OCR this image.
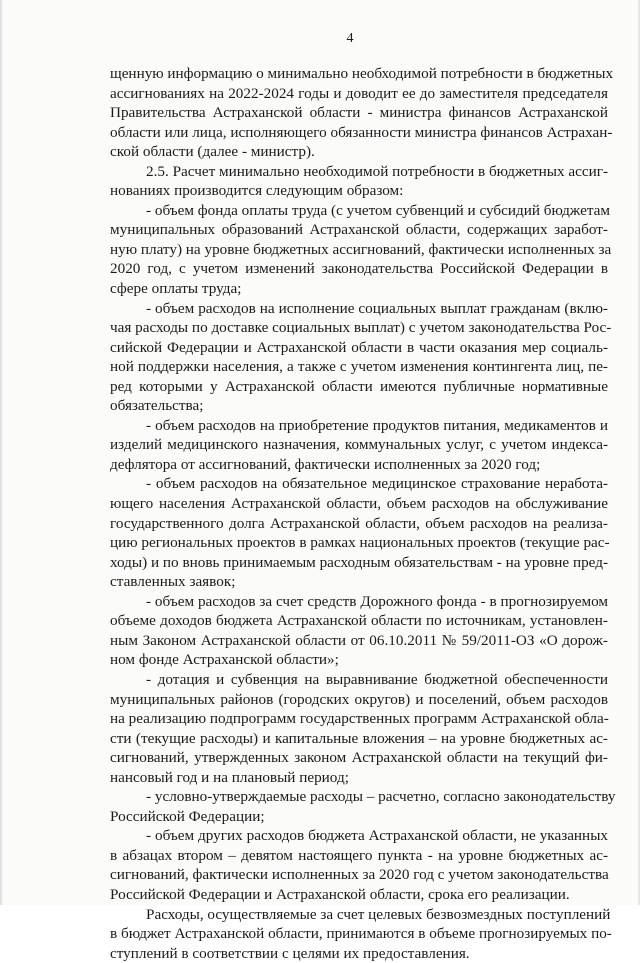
4
щенную информацию о минимально необходимой потребности в бюджетных
ассигнованиях на 2022-2024 годы и доводит ее до заместителя председателя
Правительства Астраханской области - министра финансов Астраханской
области или лица, исполняющего обязанности министра финансов Астрахан-
ской области (далее - министр).
2.5. Расчет минимально необходимой потребности в бюджетных ассиг-
нованиях производится следующим образом:
- объем фонда оплаты труда (с учетом субвенций и субсидий бюджетам
муниципальных образований Астраханской области, содержащих заработ-
ную плату) на уровне бюджетных ассигнований, фактически исполненных за
2020 год, с учетом изменений законодательства Российской Федерации в
сфере оплаты труда;
- объем расходов на исполнение социальных выплат гражданам (вклю-
чая расходы по доставке социальных выплат) с учетом законодательства Рос-
сийской Федерации и Астраханской области в части оказания мер социаль-
ной поддержки населения, а также с учетом изменения контингента лиц, пе-
ред которыми у Астраханской области имеются публичные нормативные
обязательства;
- объем расходов на приобретение продуктов питания, медикаментов и
изделий медицинского назначения, коммунальных услуг, с учетом индекса-
дефлятора от ассигнований, фактически исполненных за 2020 год;
- объем расходов на обязательное медицинское страхование неработа-
ющего населения Астраханской области, объем расходов на обслуживание
государственного долга Астраханской области, объем расходов на реализа-
цию региональных проектов в рамках национальных проектов (текущие рас-
ходы) и по вновь принимаемым расходным обязательствам - на уровне пред-
ставленных заявок;
- объем расходов за счет средств Дорожного фонда - в прогнозируемом
объеме доходов бюджета Астраханской области по источникам, установлен-
ным Законом Астраханской области от 06.10.2011 № 59/2011-ОЗ «О дорож-
ном фонде Астраханской области»;
- дотация и субвенция на выравнивание бюджетной обеспеченности
муниципальных районов (городских округов) и поселений, объем расходов
на реализацию подпрограмм государственных программ Астраханской обла-
сти (текущие расходы) и капитальные вложения – на уровне бюджетных ас-
сигнований, утвержденных законом Астраханской области на текущий фи-
нансовый год и на плановый период;
- условно-утверждаемые расходы – расчетно, согласно законодательству
Российской Федерации;
- объем других расходов бюджета Астраханской области, не указанных
в абзацах втором – девятом настоящего пункта - на уровне бюджетных ас-
сигнований, фактически исполненных за 2020 год с учетом законодательства
Российской Федерации и Астраханской области, срока его реализации.
Расходы, осуществляемые за счет целевых безвозмездных поступлений
в бюджет Астраханской области, принимаются в объеме прогнозируемых по-
ступлений в соответствии с целями их предоставления.
